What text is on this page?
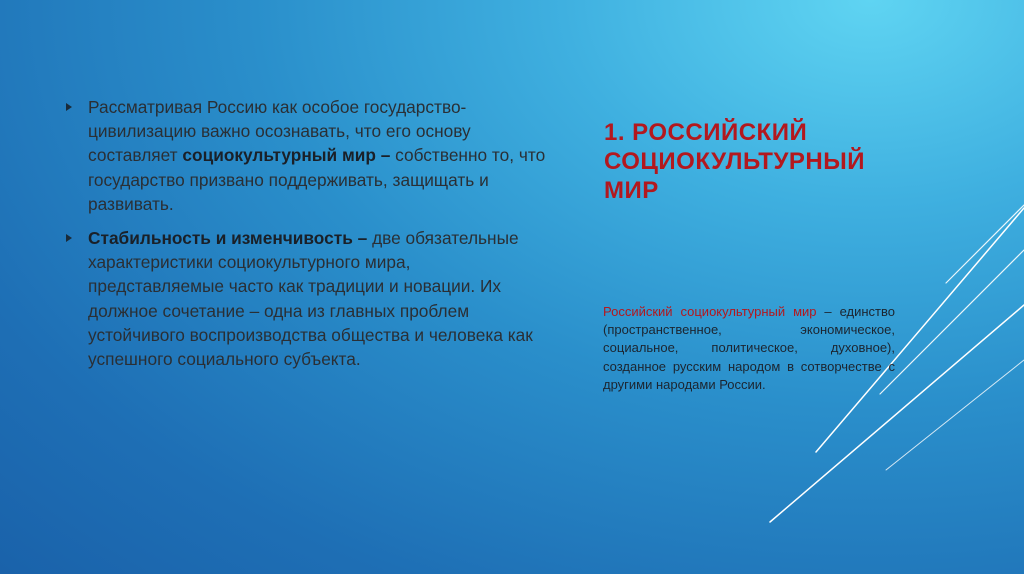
Рассматривая Россию как особое государство-цивилизацию важно осознавать, что его основу составляет социокультурный мир – собственно то, что государство призвано поддерживать, защищать и развивать.
Стабильность и изменчивость – две обязательные характеристики социокультурного мира, представляемые часто как традиции и новации. Их должное сочетание – одна из главных проблем устойчивого воспроизводства общества и человека как успешного социального субъекта.
1. РОССИЙСКИЙ СОЦИОКУЛЬТУРНЫЙ МИР
Российский социокультурный мир – единство (пространственное, экономическое, социальное, политическое, духовное), созданное русским народом в сотворчестве с другими народами России.
